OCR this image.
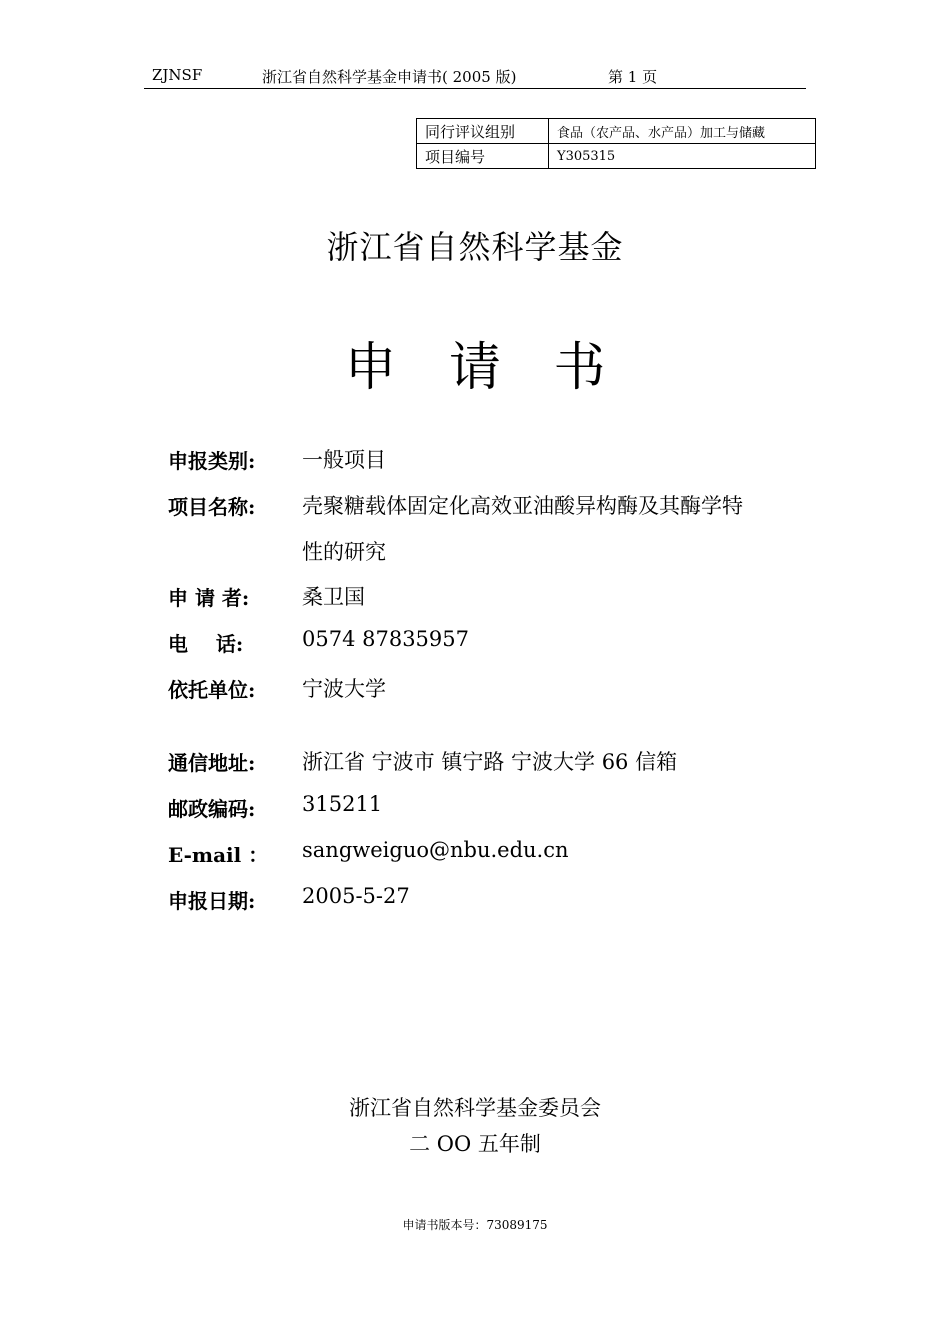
ZJNSF	浙江省自然科学基金申请书( 2005 版)	第 1 页
同行评议组别	食品（农产品、水产品）加工与储藏
项目编号	Y305315
浙江省自然科学基金
申 请 书
申报类别: 一般项目
项目名称: 壳聚糖载体固定化高效亚油酸异构酶及其酶学特
性的研究
申 请 者:	桑卫国
电    话:	0574 87835957
依托单位: 宁波大学
通信地址: 浙江省 宁波市 镇宁路 宁波大学 66 信箱
邮政编码: 315211
E-mail ： sangweiguo@nbu.edu.cn
申报日期: 2005-5-27
浙江省自然科学基金委员会
二 OO 五年制
申请书版本号：73089175
